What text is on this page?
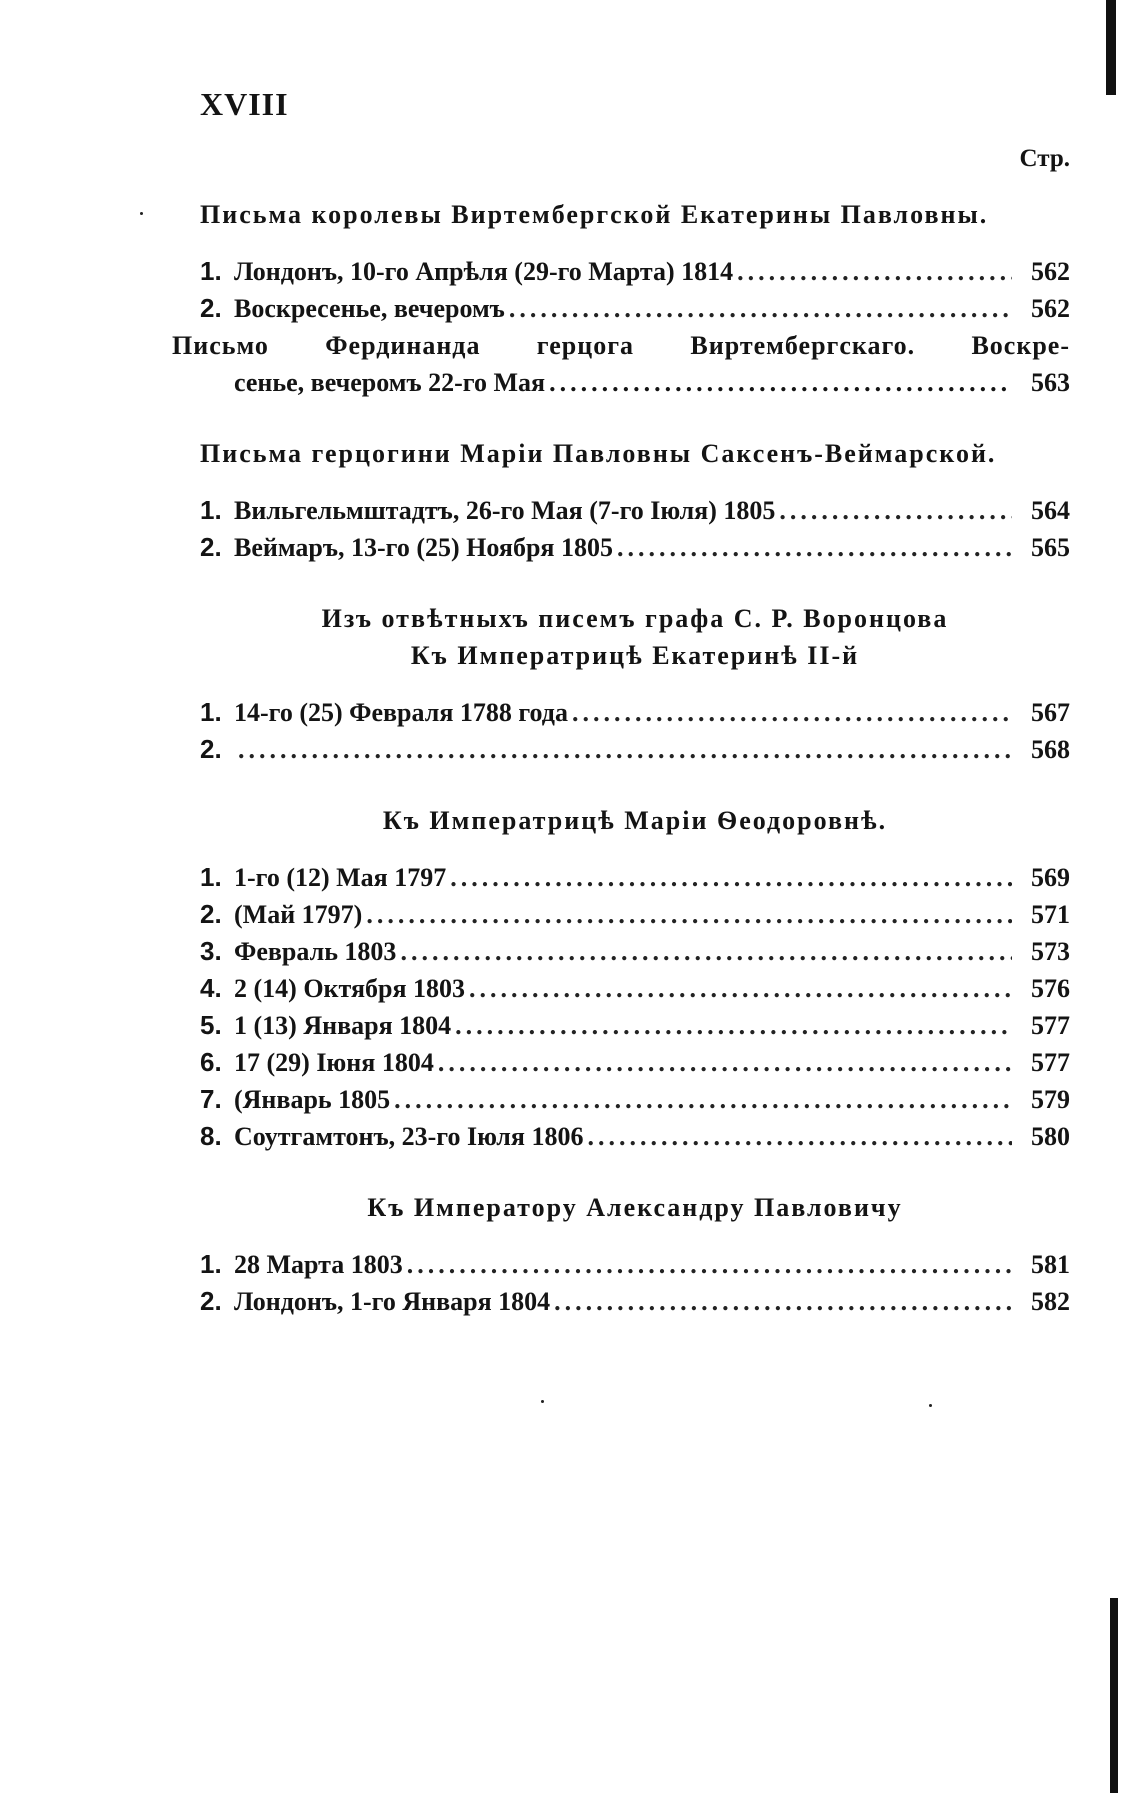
XVIII
Стр.

Письма королевы Виртембергской Екатерины Павловны.

1. Лондонъ, 10-го Апрѣля (29-го Марта) 1814 .....	562
2. Воскресенье, вечеромъ .....	562
Письмо Фердинанда герцога Виртембергскаго. Воскре-
сенье, вечеромъ 22-го Мая .....	563

Письма герцогини Маріи Павловны Саксенъ-Веймарской.

1. Вильгельмштадтъ, 26-го Мая (7-го Іюля) 1805 .....	564
2. Веймаръ, 13-го (25) Ноября 1805 .....	565

Изъ отвѣтныхъ писемъ графа С. Р. Воронцова

Къ Императрицѣ Екатеринѣ II-й

1. 14-го (25) Февраля 1788 года .....	567
2. .....	568

Къ Императрицѣ Маріи Ѳеодоровнѣ.

1. 1-го (12) Мая 1797 .....	569
2. (Май 1797) .....	571
3. Февраль 1803 .....	573
4. 2 (14) Октября 1803 .....	576
5. 1 (13) Января 1804 .....	577
6. 17 (29) Іюня 1804 .....	577
7. (Январь 1805 .....	579
8. Соутгамтонъ, 23-го Іюля 1806 .....	580

Къ Императору Александру Павловичу

1. 28 Марта 1803 .....	581
2. Лондонъ, 1-го Января 1804 .....	582
